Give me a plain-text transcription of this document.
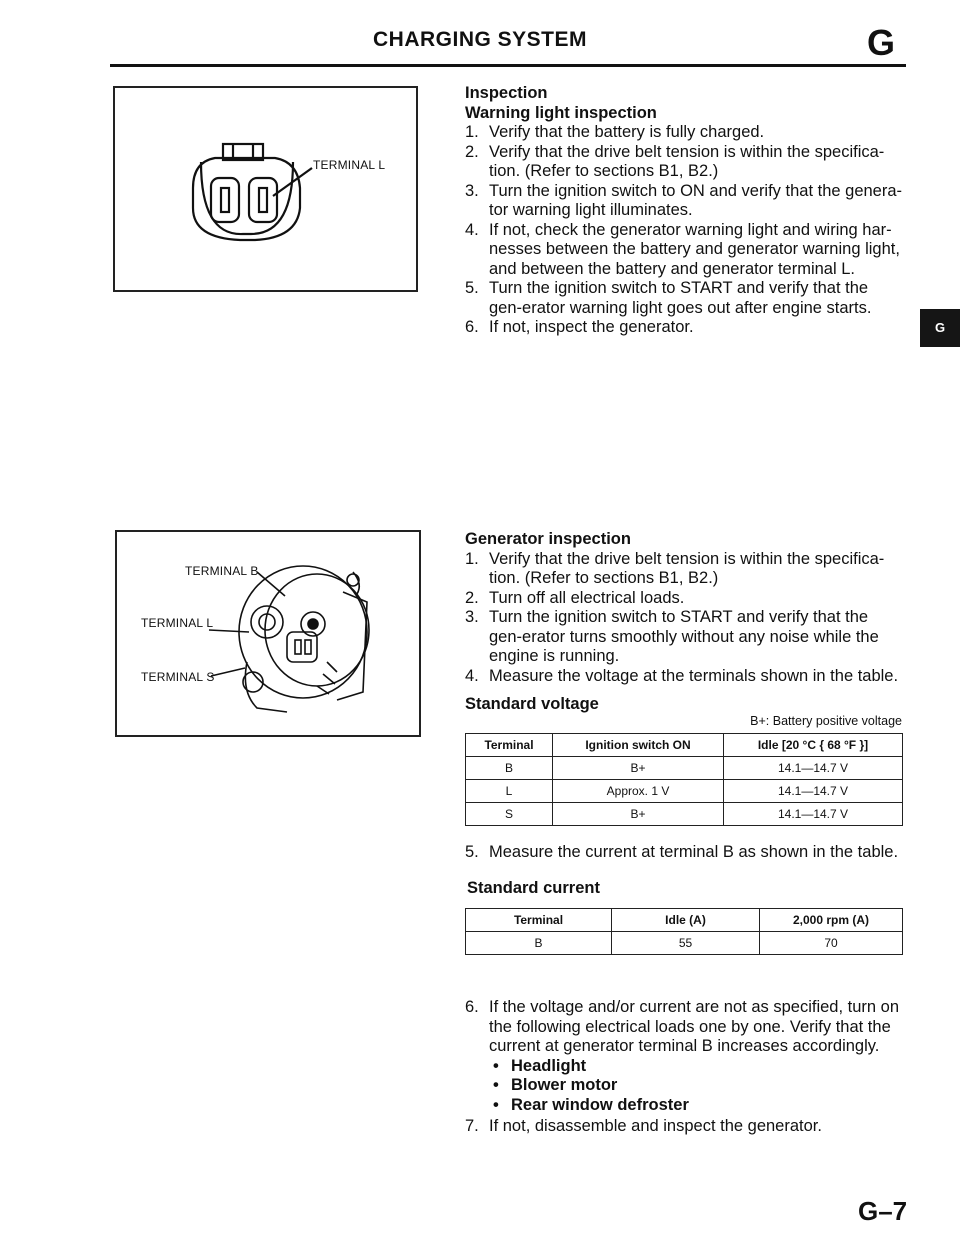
CHARGING SYSTEM	G
G
TERMINAL L
TERMINAL B
TERMINAL L
TERMINAL S
Inspection
Warning light inspection
1. Verify that the battery is fully charged.
2. Verify that the drive belt tension is within the specifica-tion. (Refer to sections B1, B2.)
3. Turn the ignition switch to ON and verify that the genera-tor warning light illuminates.
4. If not, check the generator warning light and wiring har-nesses between the battery and generator warning light, and between the battery and generator terminal L.
5. Turn the ignition switch to START and verify that the gen-erator warning light goes out after engine starts.
6. If not, inspect the generator.
Generator inspection
1. Verify that the drive belt tension is within the specifica-tion. (Refer to sections B1, B2.)
2. Turn off all electrical loads.
3. Turn the ignition switch to START and verify that the gen-erator turns smoothly without any noise while the engine is running.
4. Measure the voltage at the terminals shown in the table.
Standard voltage
B+: Battery positive voltage
Terminal	Ignition switch ON	Idle [20 °C { 68 °F }]
B	B+	14.1—14.7 V
L	Approx. 1 V	14.1—14.7 V
S	B+	14.1—14.7 V
5. Measure the current at terminal B as shown in the table.
Standard current
Terminal	Idle (A)	2,000 rpm (A)
B	55	70
6. If the voltage and/or current are not as specified, turn on the following electrical loads one by one. Verify that the current at generator terminal B increases accordingly.
• Headlight
• Blower motor
• Rear window defroster
7. If not, disassemble and inspect the generator.
G–7
